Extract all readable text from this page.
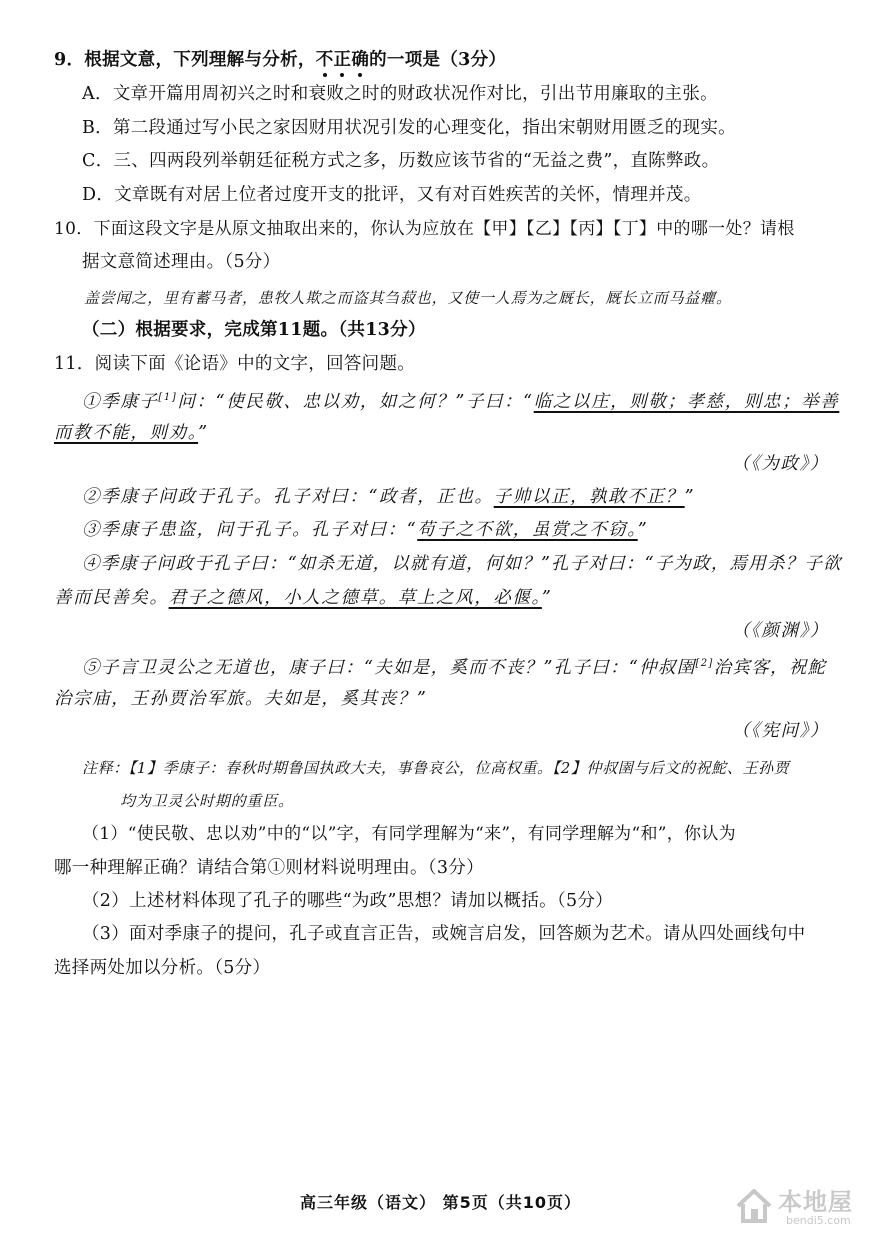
9．根据文意，下列理解与分析，不正确的一项是（3分）
A．文章开篇用周初兴之时和衰败之时的财政状况作对比，引出节用廉取的主张。
B．第二段通过写小民之家因财用状况引发的心理变化，指出宋朝财用匮乏的现实。
C．三、四两段列举朝廷征税方式之多，历数应该节省的“无益之费”，直陈弊政。
D．文章既有对居上位者过度开支的批评，又有对百姓疾苦的关怀，情理并茂。
10．下面这段文字是从原文抽取出来的，你认为应放在【甲】【乙】【丙】【丁】中的哪一处？请根
据文意简述理由。（5分）
盖尝闻之，里有蓄马者，患牧人欺之而盗其刍菽也，又使一人焉为之厩长，厩长立而马益癯。
（二）根据要求，完成第11题。（共13分）
11．阅读下面《论语》中的文字，回答问题。
①季康子[1]问：“使民敬、忠以劝，如之何？”子曰：“临之以庄，则敬；孝慈，则忠；举善
而教不能，则劝。”
（《为政》）
②季康子问政于孔子。孔子对曰：“政者，正也。子帅以正，孰敢不正？”
③季康子患盗，问于孔子。孔子对曰：“苟子之不欲，虽赏之不窃。”
④季康子问政于孔子曰：“如杀无道，以就有道，何如？”孔子对曰：“子为政，焉用杀？子欲
善而民善矣。君子之德风，小人之德草。草上之风，必偃。”
（《颜渊》）
⑤子言卫灵公之无道也，康子曰：“夫如是，奚而不丧？”孔子曰：“仲叔圉[2]治宾客，祝鮀
治宗庙，王孙贾治军旅。夫如是，奚其丧？”
（《宪问》）
注释：【1】季康子：春秋时期鲁国执政大夫，事鲁哀公，位高权重。【2】仲叔圉与后文的祝鮀、王孙贾
均为卫灵公时期的重臣。
（1）“使民敬、忠以劝”中的“以”字，有同学理解为“来”，有同学理解为“和”，你认为
哪一种理解正确？请结合第①则材料说明理由。（3分）
（2）上述材料体现了孔子的哪些“为政”思想？请加以概括。（5分）
（3）面对季康子的提问，孔子或直言正告，或婉言启发，回答颇为艺术。请从四处画线句中
选择两处加以分析。（5分）
高三年级（语文） 第5页（共10页）	本地屋
bendi5.com
